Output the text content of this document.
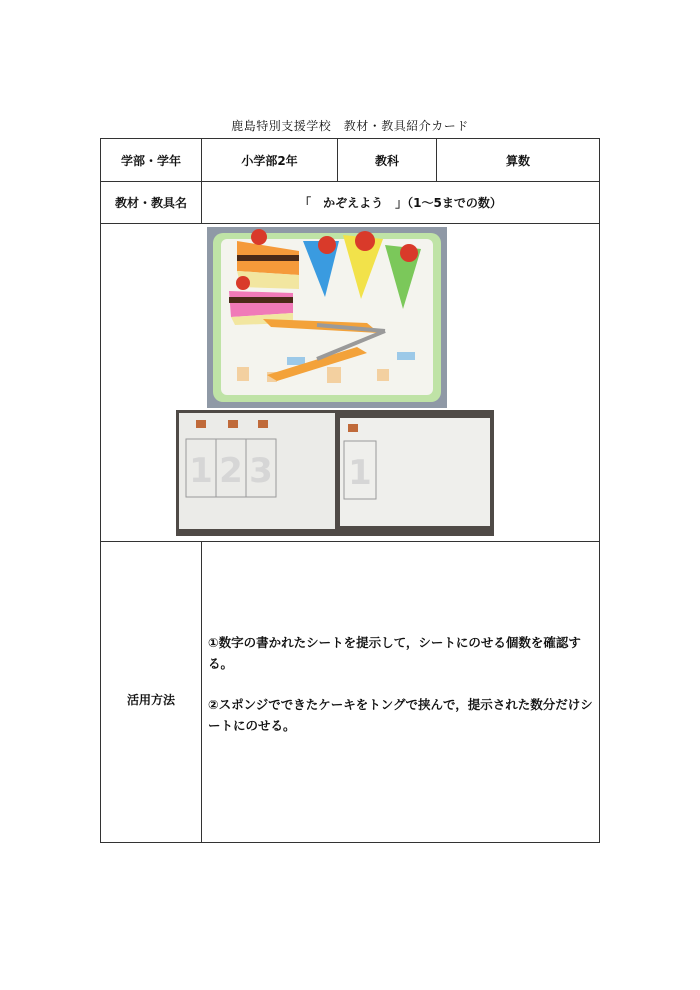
鹿島特別支援学校　教材・教具紹介カード
学部・学年	小学部2年	教科	算数
教材・教具名	「　かぞえよう　」（1～5までの数）		

1 2 3 1			

活用方法	①数字の書かれたシートを提示して，シートにのせる個数を確認する。

②スポンジでできたケーキをトングで挟んで，提示された数分だけシートにのせる。		
